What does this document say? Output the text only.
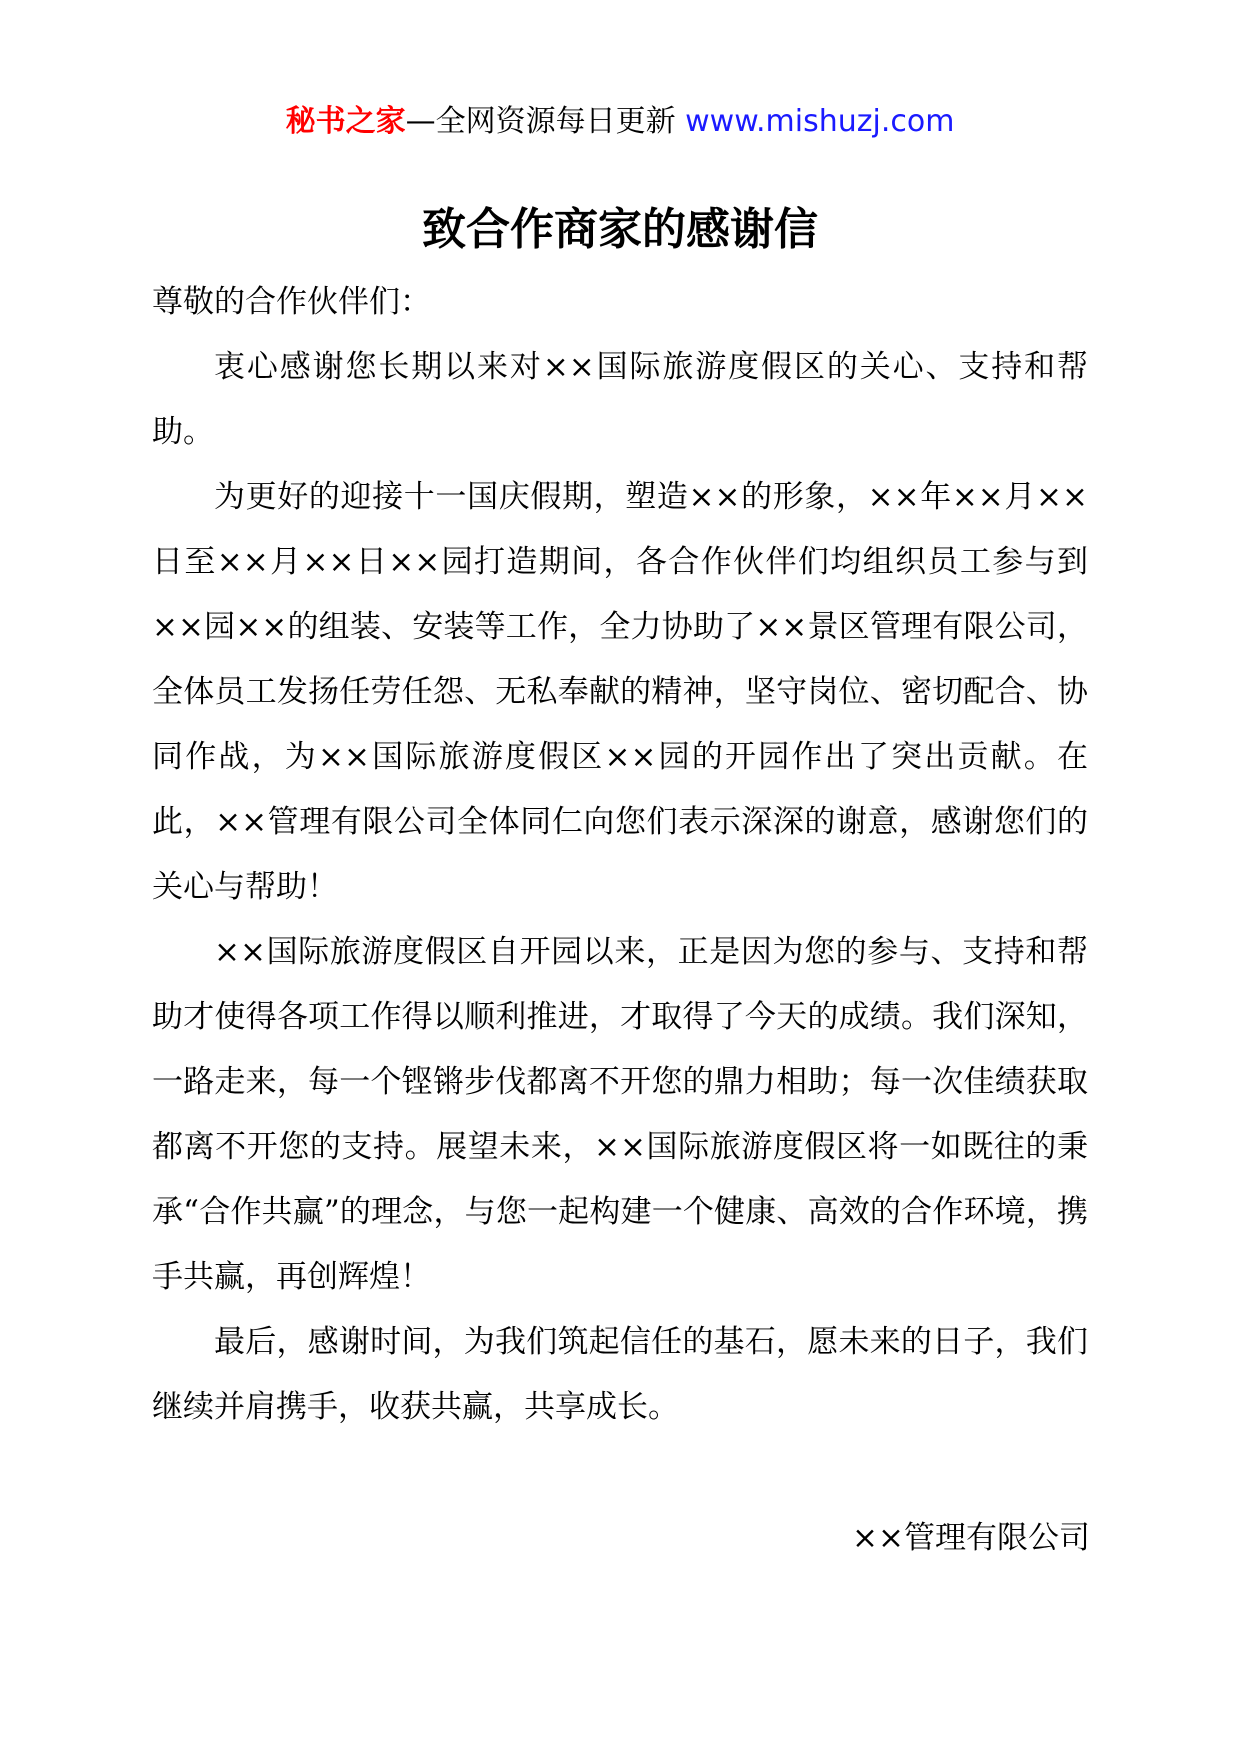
秘书之家—全网资源每日更新 www.mishuzj.com
致合作商家的感谢信

尊敬的合作伙伴们：

衷心感谢您长期以来对××国际旅游度假区的关心、支持和帮助。

为更好的迎接十一国庆假期，塑造××的形象，××年××月××日至××月××日××园打造期间，各合作伙伴们均组织员工参与到××园××的组装、安装等工作，全力协助了××景区管理有限公司，全体员工发扬任劳任怨、无私奉献的精神，坚守岗位、密切配合、协同作战，为××国际旅游度假区××园的开园作出了突出贡献。在此，××管理有限公司全体同仁向您们表示深深的谢意，感谢您们的关心与帮助！

××国际旅游度假区自开园以来，正是因为您的参与、支持和帮助才使得各项工作得以顺利推进，才取得了今天的成绩。我们深知，一路走来，每一个铿锵步伐都离不开您的鼎力相助；每一次佳绩获取都离不开您的支持。展望未来，××国际旅游度假区将一如既往的秉承“合作共赢”的理念，与您一起构建一个健康、高效的合作环境，携手共赢，再创辉煌！

最后，感谢时间，为我们筑起信任的基石，愿未来的日子，我们继续并肩携手，收获共赢，共享成长。

××管理有限公司
